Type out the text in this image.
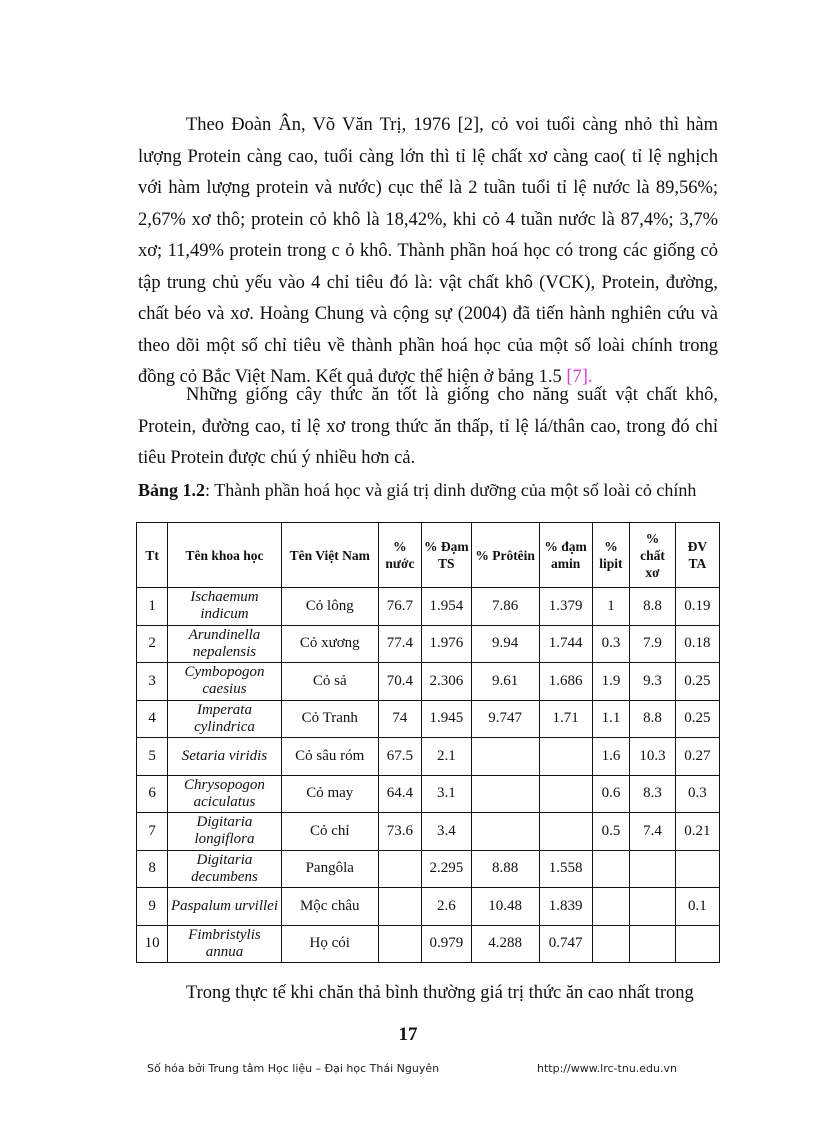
Theo Đoàn Ân, Võ Văn Trị, 1976 [2], cỏ voi tuổi càng nhỏ thì hàm lượng Protein càng cao, tuổi càng lớn thì tỉ lệ chất xơ càng cao( tỉ lệ nghịch với hàm lượng protein và nước) cục thể là 2 tuần tuổi tỉ lệ nước là 89,56%; 2,67% xơ thô; protein cỏ khô là 18,42%, khi cỏ 4 tuần nước là 87,4%; 3,7% xơ; 11,49% protein trong c ỏ khô. Thành phần hoá học có trong các giống cỏ tập trung chủ yếu vào 4 chỉ tiêu đó là: vật chất khô (VCK), Protein, đường, chất béo và xơ. Hoàng Chung và cộng sự (2004) đã tiến hành nghiên cứu và theo dõi một số chỉ tiêu về thành phần hoá học của một số loài chính trong đồng cỏ Bắc Việt Nam. Kết quả được thể hiện ở bảng 1.5 [7].

Những giống cây thức ăn tốt là giống cho năng suất vật chất khô, Protein, đường cao, tỉ lệ xơ trong thức ăn thấp, tỉ lệ lá/thân cao, trong đó chỉ tiêu Protein được chú ý nhiều hơn cả.

Bảng 1.2: Thành phần hoá học và giá trị dinh dưỡng của một số loài cỏ chính
Tt	Tên khoa học	Tên Việt Nam	% nước	% Đạm TS	% Prôtêin	% đạm amin	% lipit	% chất xơ	ĐV TA
1	Ischaemum indicum	Cỏ lông	76.7	1.954	7.86	1.379	1	8.8	0.19
2	Arundinella nepalensis	Cỏ xương	77.4	1.976	9.94	1.744	0.3	7.9	0.18
3	Cymbopogon caesius	Cỏ sả	70.4	2.306	9.61	1.686	1.9	9.3	0.25
4	Imperata cylindrica	Cỏ Tranh	74	1.945	9.747	1.71	1.1	8.8	0.25
5	Setaria viridis	Cỏ sâu róm	67.5	2.1			1.6	10.3	0.27
6	Chrysopogon aciculatus	Cỏ may	64.4	3.1			0.6	8.3	0.3
7	Digitaria longiflora	Cỏ chỉ	73.6	3.4			0.5	7.4	0.21
8	Digitaria decumbens	Pangôla		2.295	8.88	1.558			
9	Paspalum urvillei	Mộc châu		2.6	10.48	1.839			0.1
10	Fimbristylis annua	Họ cói		0.979	4.288	0.747			
Trong thực tế khi chăn thả bình thường giá trị thức ăn cao nhất trong
17
Số hóa bởi Trung tâm Học liệu – Đại học Thái Nguyên	http://www.lrc-tnu.edu.vn
